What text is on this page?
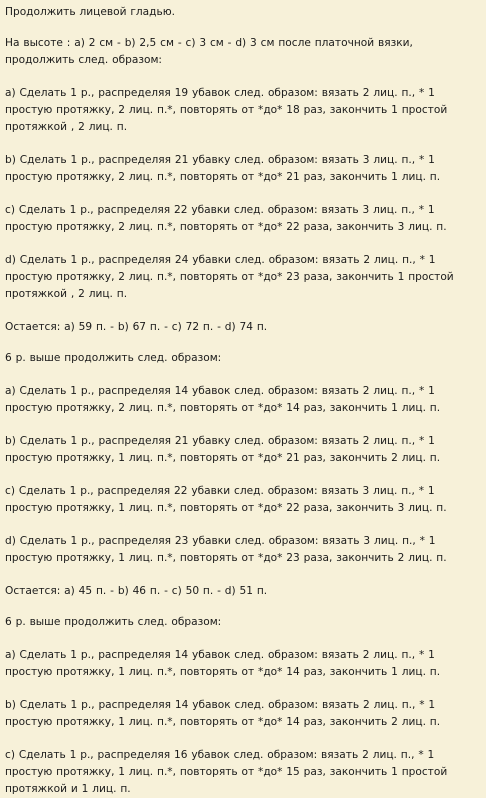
Продолжить лицевой гладью.

На высоте : a) 2 см - b) 2,5 см - c) 3 см - d) 3 см после платочной вязки, продолжить след. образом:

a) Сделать 1 р., распределяя 19 убавок след. образом: вязать 2 лиц. п., * 1 простую протяжку, 2 лиц. п.*, повторять от *до* 18 раз, закончить 1 простой протяжкой , 2 лиц. п.

b) Сделать 1 р., распределяя 21 убавку след. образом: вязать 3 лиц. п., * 1 простую протяжку, 2 лиц. п.*, повторять от *до* 21 раз, закончить 1 лиц. п.

c) Сделать 1 р., распределяя 22 убавки след. образом: вязать 3 лиц. п., * 1 простую протяжку, 2 лиц. п.*, повторять от *до* 22 раза, закончить 3 лиц. п.

d) Сделать 1 р., распределяя 24 убавки след. образом: вязать 2 лиц. п., * 1 простую протяжку, 2 лиц. п.*, повторять от *до* 23 раза, закончить 1 простой протяжкой , 2 лиц. п.

Остается: a) 59 п. - b) 67 п. - c) 72 п. - d) 74 п.

6 р. выше продолжить след. образом:

a) Сделать 1 р., распределяя 14 убавок след. образом: вязать 2 лиц. п., * 1 простую протяжку, 2 лиц. п.*, повторять от *до* 14 раз, закончить 1 лиц. п.

b) Сделать 1 р., распределяя 21 убавку след. образом: вязать 2 лиц. п., * 1 простую протяжку, 1 лиц. п.*, повторять от *до* 21 раз, закончить 2 лиц. п.

c) Сделать 1 р., распределяя 22 убавки след. образом: вязать 3 лиц. п., * 1 простую протяжку, 1 лиц. п.*, повторять от *до* 22 раза, закончить 3 лиц. п.

d) Сделать 1 р., распределяя 23 убавки след. образом: вязать 3 лиц. п., * 1 простую протяжку, 1 лиц. п.*, повторять от *до* 23 раза, закончить 2 лиц. п.

Остается: a) 45 п. - b) 46 п. - c) 50 п. - d) 51 п.

6 р. выше продолжить след. образом:

a) Сделать 1 р., распределяя 14 убавок след. образом: вязать 2 лиц. п., * 1 простую протяжку, 1 лиц. п.*, повторять от *до* 14 раз, закончить 1 лиц. п.

b) Сделать 1 р., распределяя 14 убавок след. образом: вязать 2 лиц. п., * 1 простую протяжку, 1 лиц. п.*, повторять от *до* 14 раз, закончить 2 лиц. п.

c) Сделать 1 р., распределяя 16 убавок след. образом: вязать 2 лиц. п., * 1 простую протяжку, 1 лиц. п.*, повторять от *до* 15 раз, закончить 1 простой протяжкой и 1 лиц. п.
